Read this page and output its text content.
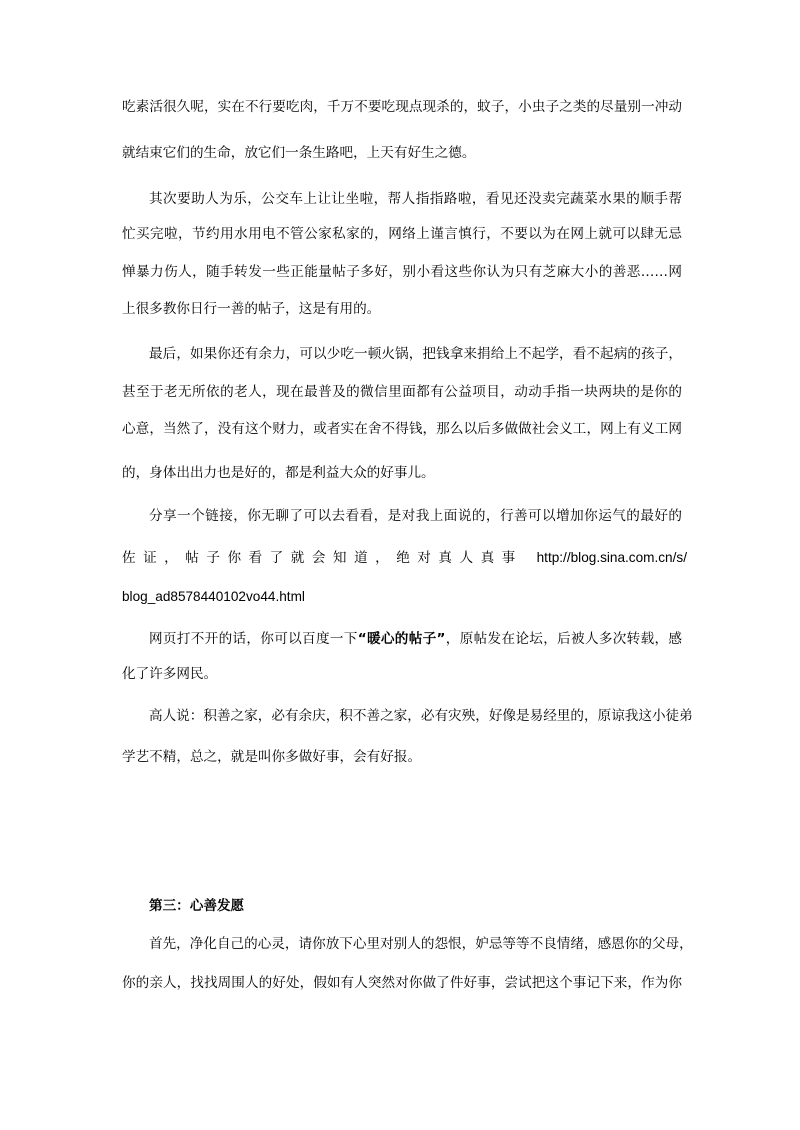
吃素活很久呢，实在不行要吃肉，千万不要吃现点现杀的，蚊子，小虫子之类的尽量别一冲动
就结束它们的生命，放它们一条生路吧，上天有好生之德。
其次要助人为乐，公交车上让让坐啦，帮人指指路啦，看见还没卖完蔬菜水果的顺手帮
忙买完啦，节约用水用电不管公家私家的，网络上谨言慎行，不要以为在网上就可以肆无忌
惮暴力伤人，随手转发一些正能量帖子多好，别小看这些你认为只有芝麻大小的善恶……网
上很多教你日行一善的帖子，这是有用的。
最后，如果你还有余力，可以少吃一顿火锅，把钱拿来捐给上不起学，看不起病的孩子，
甚至于老无所依的老人，现在最普及的微信里面都有公益项目，动动手指一块两块的是你的
心意，当然了，没有这个财力，或者实在舍不得钱，那么以后多做做社会义工，网上有义工网
的，身体出出力也是好的，都是利益大众的好事儿。
分享一个链接，你无聊了可以去看看，是对我上面说的，行善可以增加你运气的最好的
佐证，帖子你看了就会知道，绝对真人真事 http://blog.sina.com.cn/s/
blog_ad8578440102vo44.html
网页打不开的话，你可以百度一下“暖心的帖子”，原帖发在论坛，后被人多次转载，感
化了许多网民。
高人说：积善之家，必有余庆，积不善之家，必有灾殃，好像是易经里的，原谅我这小徒弟
学艺不精，总之，就是叫你多做好事，会有好报。
第三：心善发愿
首先，净化自己的心灵，请你放下心里对别人的怨恨，妒忌等等不良情绪，感恩你的父母，
你的亲人，找找周围人的好处，假如有人突然对你做了件好事，尝试把这个事记下来，作为你
